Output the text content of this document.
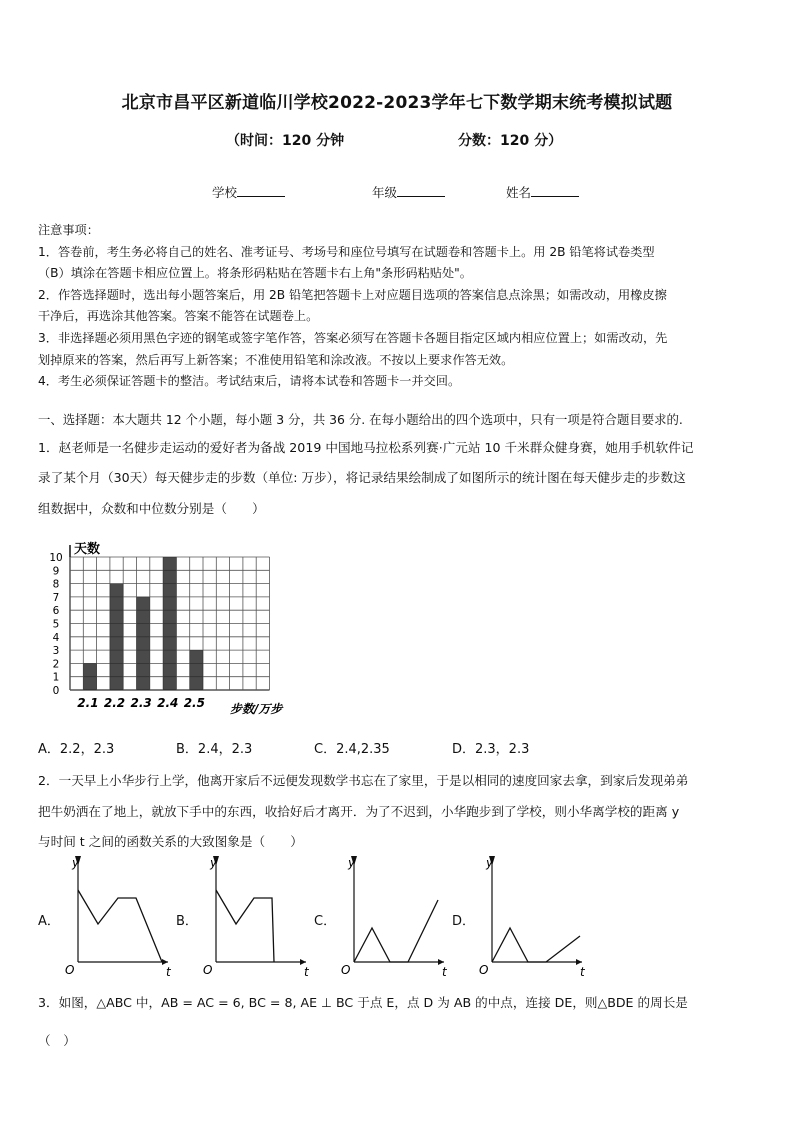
北京市昌平区新道临川学校2022-2023学年七下数学期末统考模拟试题
（时间：120 分钟	分数：120 分）
学校	年级	姓名

注意事项：

1．答卷前，考生务必将自己的姓名、准考证号、考场号和座位号填写在试题卷和答题卡上。用 2B 铅笔将试卷类型

（B）填涂在答题卡相应位置上。将条形码粘贴在答题卡右上角"条形码粘贴处"。

2．作答选择题时，选出每小题答案后，用 2B 铅笔把答题卡上对应题目选项的答案信息点涂黑；如需改动，用橡皮擦

干净后，再选涂其他答案。答案不能答在试题卷上。

3．非选择题必须用黑色字迹的钢笔或签字笔作答，答案必须写在答题卡各题目指定区域内相应位置上；如需改动，先

划掉原来的答案，然后再写上新答案；不准使用铅笔和涂改液。不按以上要求作答无效。

4．考生必须保证答题卡的整洁。考试结束后，请将本试卷和答题卡一并交回。

一、选择题：本大题共 12 个小题，每小题 3 分，共 36 分. 在每小题给出的四个选项中，只有一项是符合题目要求的.
1．赵老师是一名健步走运动的爱好者为备战 2019 中国地马拉松系列赛·广元站 10 千米群众健身赛，她用手机软件记
录了某个月（30天）每天健步走的步数（单位: 万步），将记录结果绘制成了如图所示的统计图在每天健步走的步数这
组数据中，众数和中位数分别是（　　）
0
1
2
3
4
5
6
7
8
9
10
2.1 2.2 2.3 2.4 2.5
天数
步数/万步
A．2.2，2.3	B．2.4，2.3	C．2.4,2.35	D．2.3，2.3
2．一天早上小华步行上学，他离开家后不远便发现数学书忘在了家里，于是以相同的速度回家去拿，到家后发现弟弟
把牛奶洒在了地上，就放下手中的东西，收拾好后才离开．为了不迟到，小华跑步到了学校，则小华离学校的距离 y
与时间 t 之间的函数关系的大致图象是（　　）
A．	B．	C．	D．
y
t
O
y
t
O
y
t
O
y
t
O
3．如图，△ABC 中，AB = AC = 6, BC = 8, AE ⊥ BC 于点 E，点 D 为 AB 的中点，连接 DE，则△BDE 的周长是
（　）
